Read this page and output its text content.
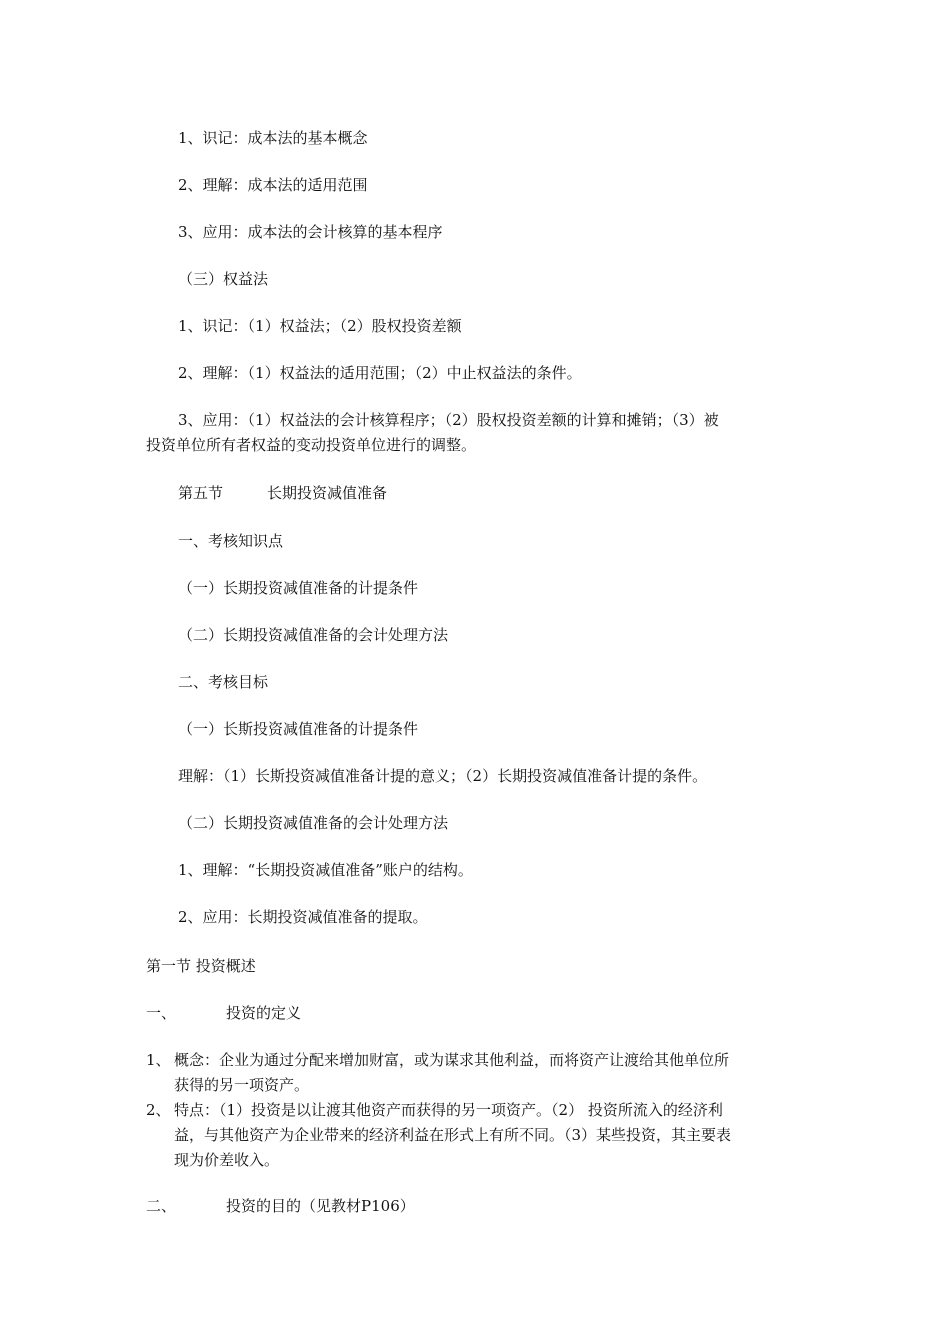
1、识记：成本法的基本概念
2、理解：成本法的适用范围
3、应用：成本法的会计核算的基本程序
（三）权益法
1、识记：（1）权益法；（2）股权投资差额
2、理解：（1）权益法的适用范围；（2）中止权益法的条件。
3、应用：（1）权益法的会计核算程序；（2）股权投资差额的计算和摊销；（3）被
投资单位所有者权益的变动投资单位进行的调整。
第五节	长期投资减值准备
一、考核知识点
（一）长期投资减值准备的计提条件
（二）长期投资减值准备的会计处理方法
二、考核目标
（一）长斯投资减值准备的计提条件
理解：（1）长斯投资减值准备计提的意义；（2）长期投资减值准备计提的条件。
（二）长期投资减值准备的会计处理方法
1、理解：“长期投资减值准备”账户的结构。
2、应用：长期投资减值准备的提取。
第一节 投资概述
一、	投资的定义
1、 概念：企业为通过分配来增加财富，或为谋求其他利益，而将资产让渡给其他单位所
获得的另一项资产。
2、 特点：（1）投资是以让渡其他资产而获得的另一项资产。（2） 投资所流入的经济利
益，与其他资产为企业带来的经济利益在形式上有所不同。（3）某些投资，其主要表
现为价差收入。
二、	投资的目的（见教材P106）
